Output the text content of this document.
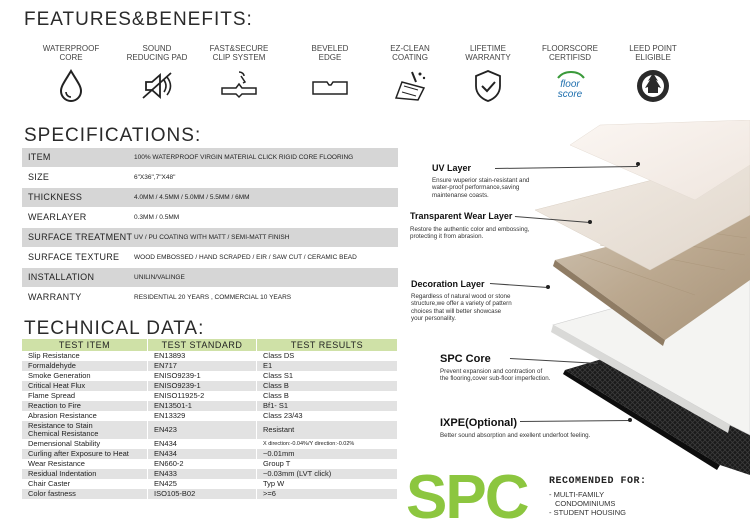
FEATURES&BENEFITS:
WATERPROOF
CORE
SOUND
REDUCING PAD
FAST&SECURE
CLIP SYSTEM
BEVELED
EDGE
EZ-CLEAN
COATING
LIFETIME
WARRANTY
FLOORSCORE
CERTIFISD
floor
score
LEED POINT
ELIGIBLE
SPECIFICATIONS:
ITEM	100% WATERPROOF VIRGIN MATERIAL CLICK RIGID CORE FLOORING
SIZE	6"X36",7"X48"
THICKNESS	4.0MM / 4.5MM / 5.0MM / 5.5MM / 6MM
WEARLAYER	0.3MM / 0.5MM
SURFACE TREATMENT UV / PU COATING WITH MATT / SEMI-MATT FINISH
SURFACE TEXTURE WOOD EMBOSSED / HAND SCRAPED / EIR / SAW CUT / CERAMIC BEAD
INSTALLATION	UNILIN/VALINGE
WARRANTY	RESIDENTIAL 20 YEARS , COMMERCIAL 10 YEARS
TECHNICAL DATA:
TEST ITEM	TEST STANDARD	TEST RESULTS
Slip Resistance	EN13893	Class DS
Formaldehyde	EN717	E1
Smoke Generation	ENISO9239-1	Class S1
Critical Heat Flux	ENISO9239-1	Class B
Flame Spread	ENISO11925-2	Class B
Reaction to Fire	EN13501-1	Bf1- S1
Abrasion Resistance	EN13329	Class 23/43
Resistance to Stain
Chemical Resistance	EN423	Resistant
Demensional Stability	EN434	X direction:-0.04%/Y direction:-0.02%
Curling after Exposure to Heat	EN434	~0.01mm
Wear Resistance	EN660-2	Group T
Residual Indentation	EN433	~0.03mm (LVT click)
Chair Caster	EN425	Typ W
Color fastness	ISO105-B02	>=6
UV Layer
Ensure wuperior stain-resistant and
water-proof performance,saving
maintenanse coasts.
Transparent Wear Layer
Restore the authentic color and embossing,
protecting it from abrasion.
Decoration Layer
Regardless of natural wood or stone
structure,we offer a variety of pattern
choices that will better showcase
your personality.
SPC Core
Prevent expansion and contraction of
the flooring,cover sub-floor imperfection.
IXPE(Optional)
Better sound absorption and exellent underfoot feeling.
SPC RECOMENDED FOR:
- MULTI-FAMILY
CONDOMINIUMS
- STUDENT HOUSING
